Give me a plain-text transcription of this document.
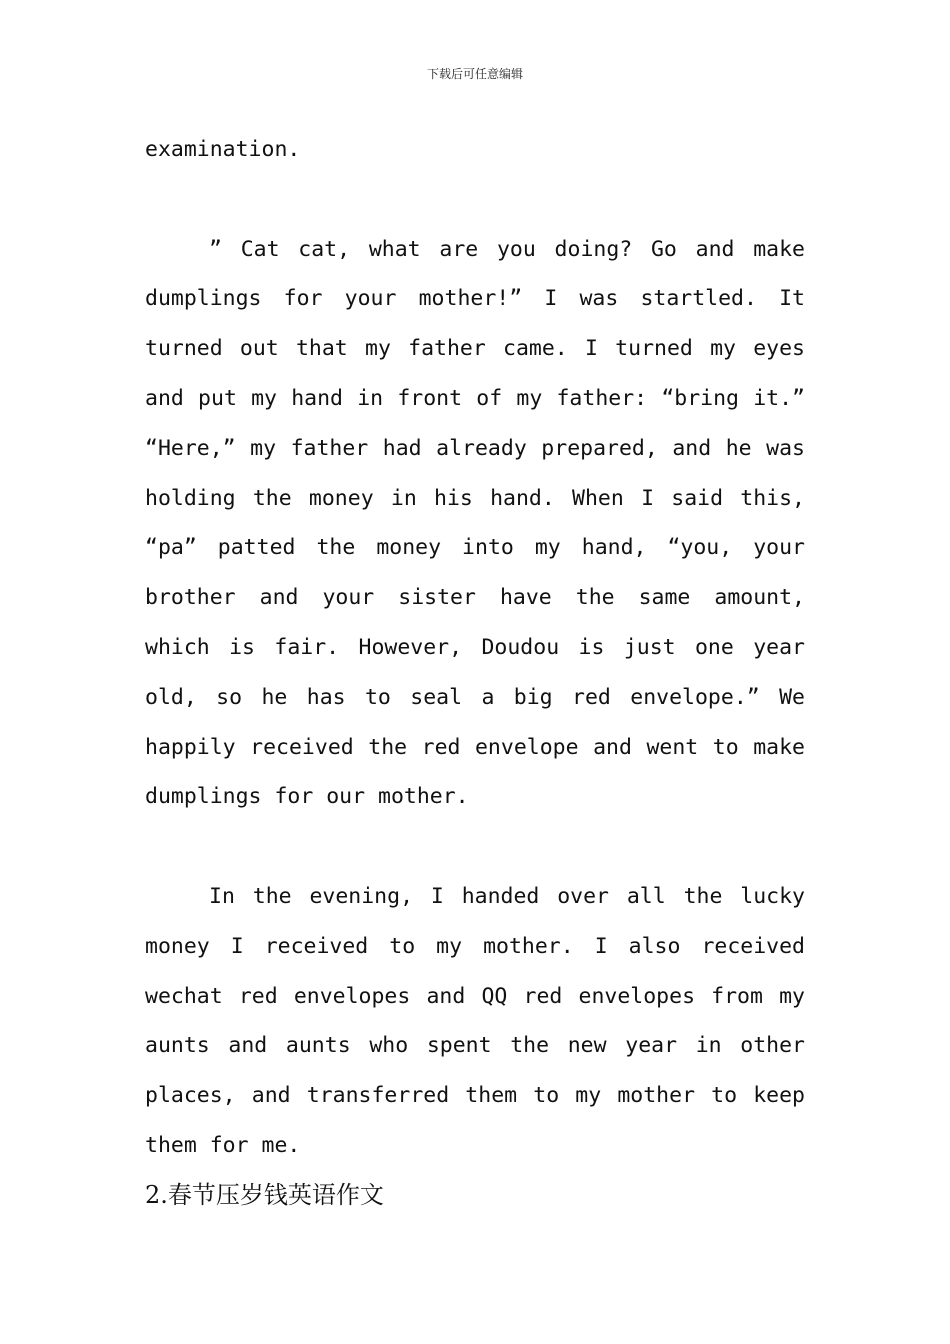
下载后可任意编辑

examination.

” Cat cat, what are you doing? Go and make dumplings for your mother!” I was startled. It turned out that my father came. I turned my eyes and put my hand in front of my father: “bring it.” “Here,” my father had already prepared, and he was holding the money in his hand. When I said this, “pa” patted the money into my hand, “you, your brother and your sister have the same amount, which is fair. However, Doudou is just one year old, so he has to seal a big red envelope.” We happily received the red envelope and went to make dumplings for our mother.

In the evening, I handed over all the lucky money I received to my mother. I also received wechat red envelopes and QQ red envelopes from my aunts and aunts who spent the new year in other places, and transferred them to my mother to keep them for me.

2.春节压岁钱英语作文
